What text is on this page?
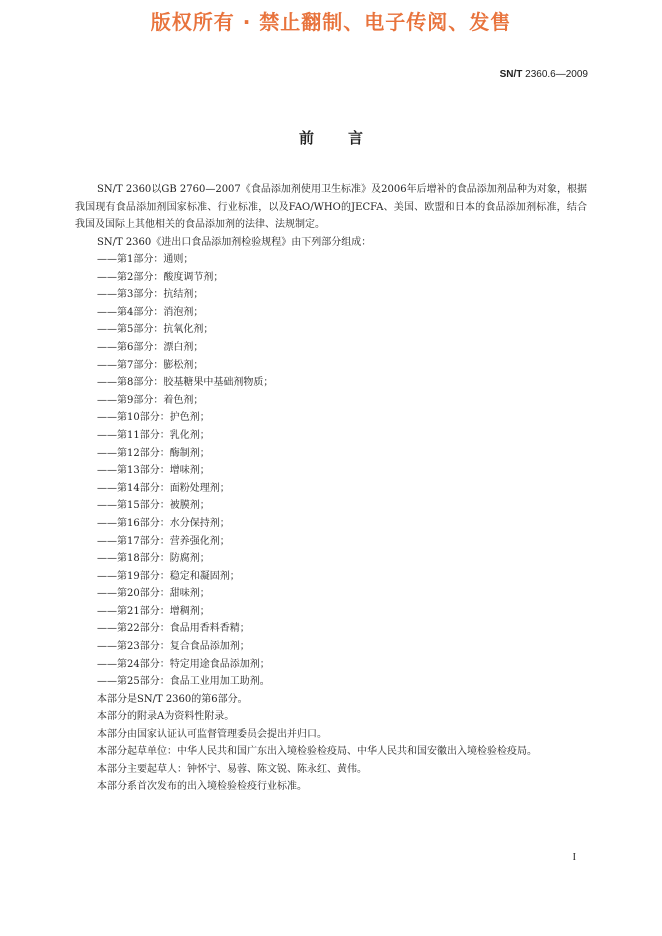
版权所有 · 禁止翻制、电子传阅、发售
SN/T 2360.6—2009
前言

SN/T 2360以GB 2760—2007《食品添加剂使用卫生标准》及2006年后增补的食品添加剂品种为对象，根据我国现有食品添加剂国家标准、行业标准，以及FAO/WHO的JECFA、美国、欧盟和日本的食品添加剂标准，结合我国及国际上其他相关的食品添加剂的法律、法规制定。

SN/T 2360《进出口食品添加剂检验规程》由下列部分组成：

——第1部分：通则；

——第2部分：酸度调节剂；

——第3部分：抗结剂；

——第4部分：消泡剂；

——第5部分：抗氧化剂；

——第6部分：漂白剂；

——第7部分：膨松剂；

——第8部分：胶基糖果中基础剂物质；

——第9部分：着色剂；

——第10部分：护色剂；

——第11部分：乳化剂；

——第12部分：酶制剂；

——第13部分：增味剂；

——第14部分：面粉处理剂；

——第15部分：被膜剂；

——第16部分：水分保持剂；

——第17部分：营养强化剂；

——第18部分：防腐剂；

——第19部分：稳定和凝固剂；

——第20部分：甜味剂；

——第21部分：增稠剂；

——第22部分：食品用香料香精；

——第23部分：复合食品添加剂；

——第24部分：特定用途食品添加剂；

——第25部分：食品工业用加工助剂。

本部分是SN/T 2360的第6部分。

本部分的附录A为资料性附录。

本部分由国家认证认可监督管理委员会提出并归口。

本部分起草单位：中华人民共和国广东出入境检验检疫局、中华人民共和国安徽出入境检验检疫局。

本部分主要起草人：钟怀宁、易蓉、陈文锐、陈永红、黄伟。

本部分系首次发布的出入境检验检疫行业标准。

I
